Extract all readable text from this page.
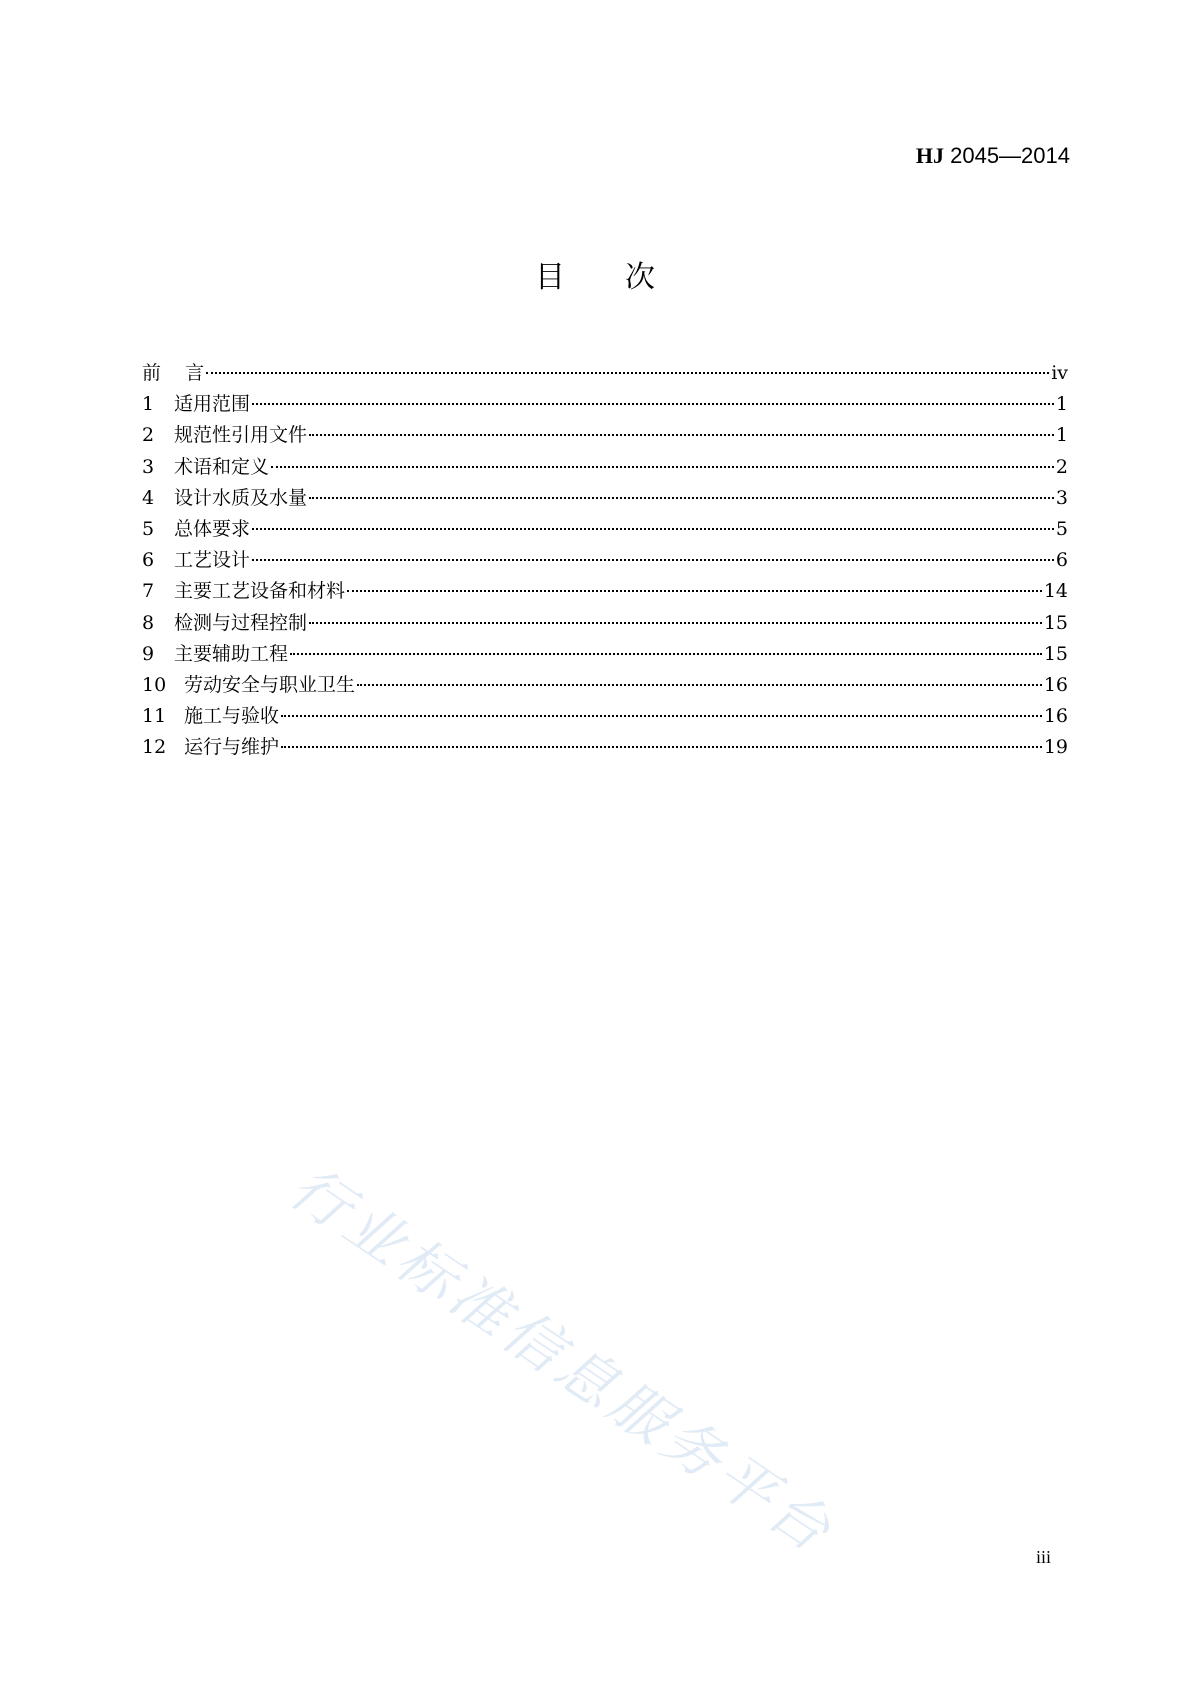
HJ 2045—2014
目次
前    言	iv
1	适用范围	1
2	规范性引用文件	1
3	术语和定义	2
4	设计水质及水量	3
5	总体要求	5
6	工艺设计	6
7	主要工艺设备和材料	14
8	检测与过程控制	15
9	主要辅助工程	15
10 劳动安全与职业卫生	16
11 施工与验收	16
12 运行与维护	19
行业标准信息服务平台	iii
